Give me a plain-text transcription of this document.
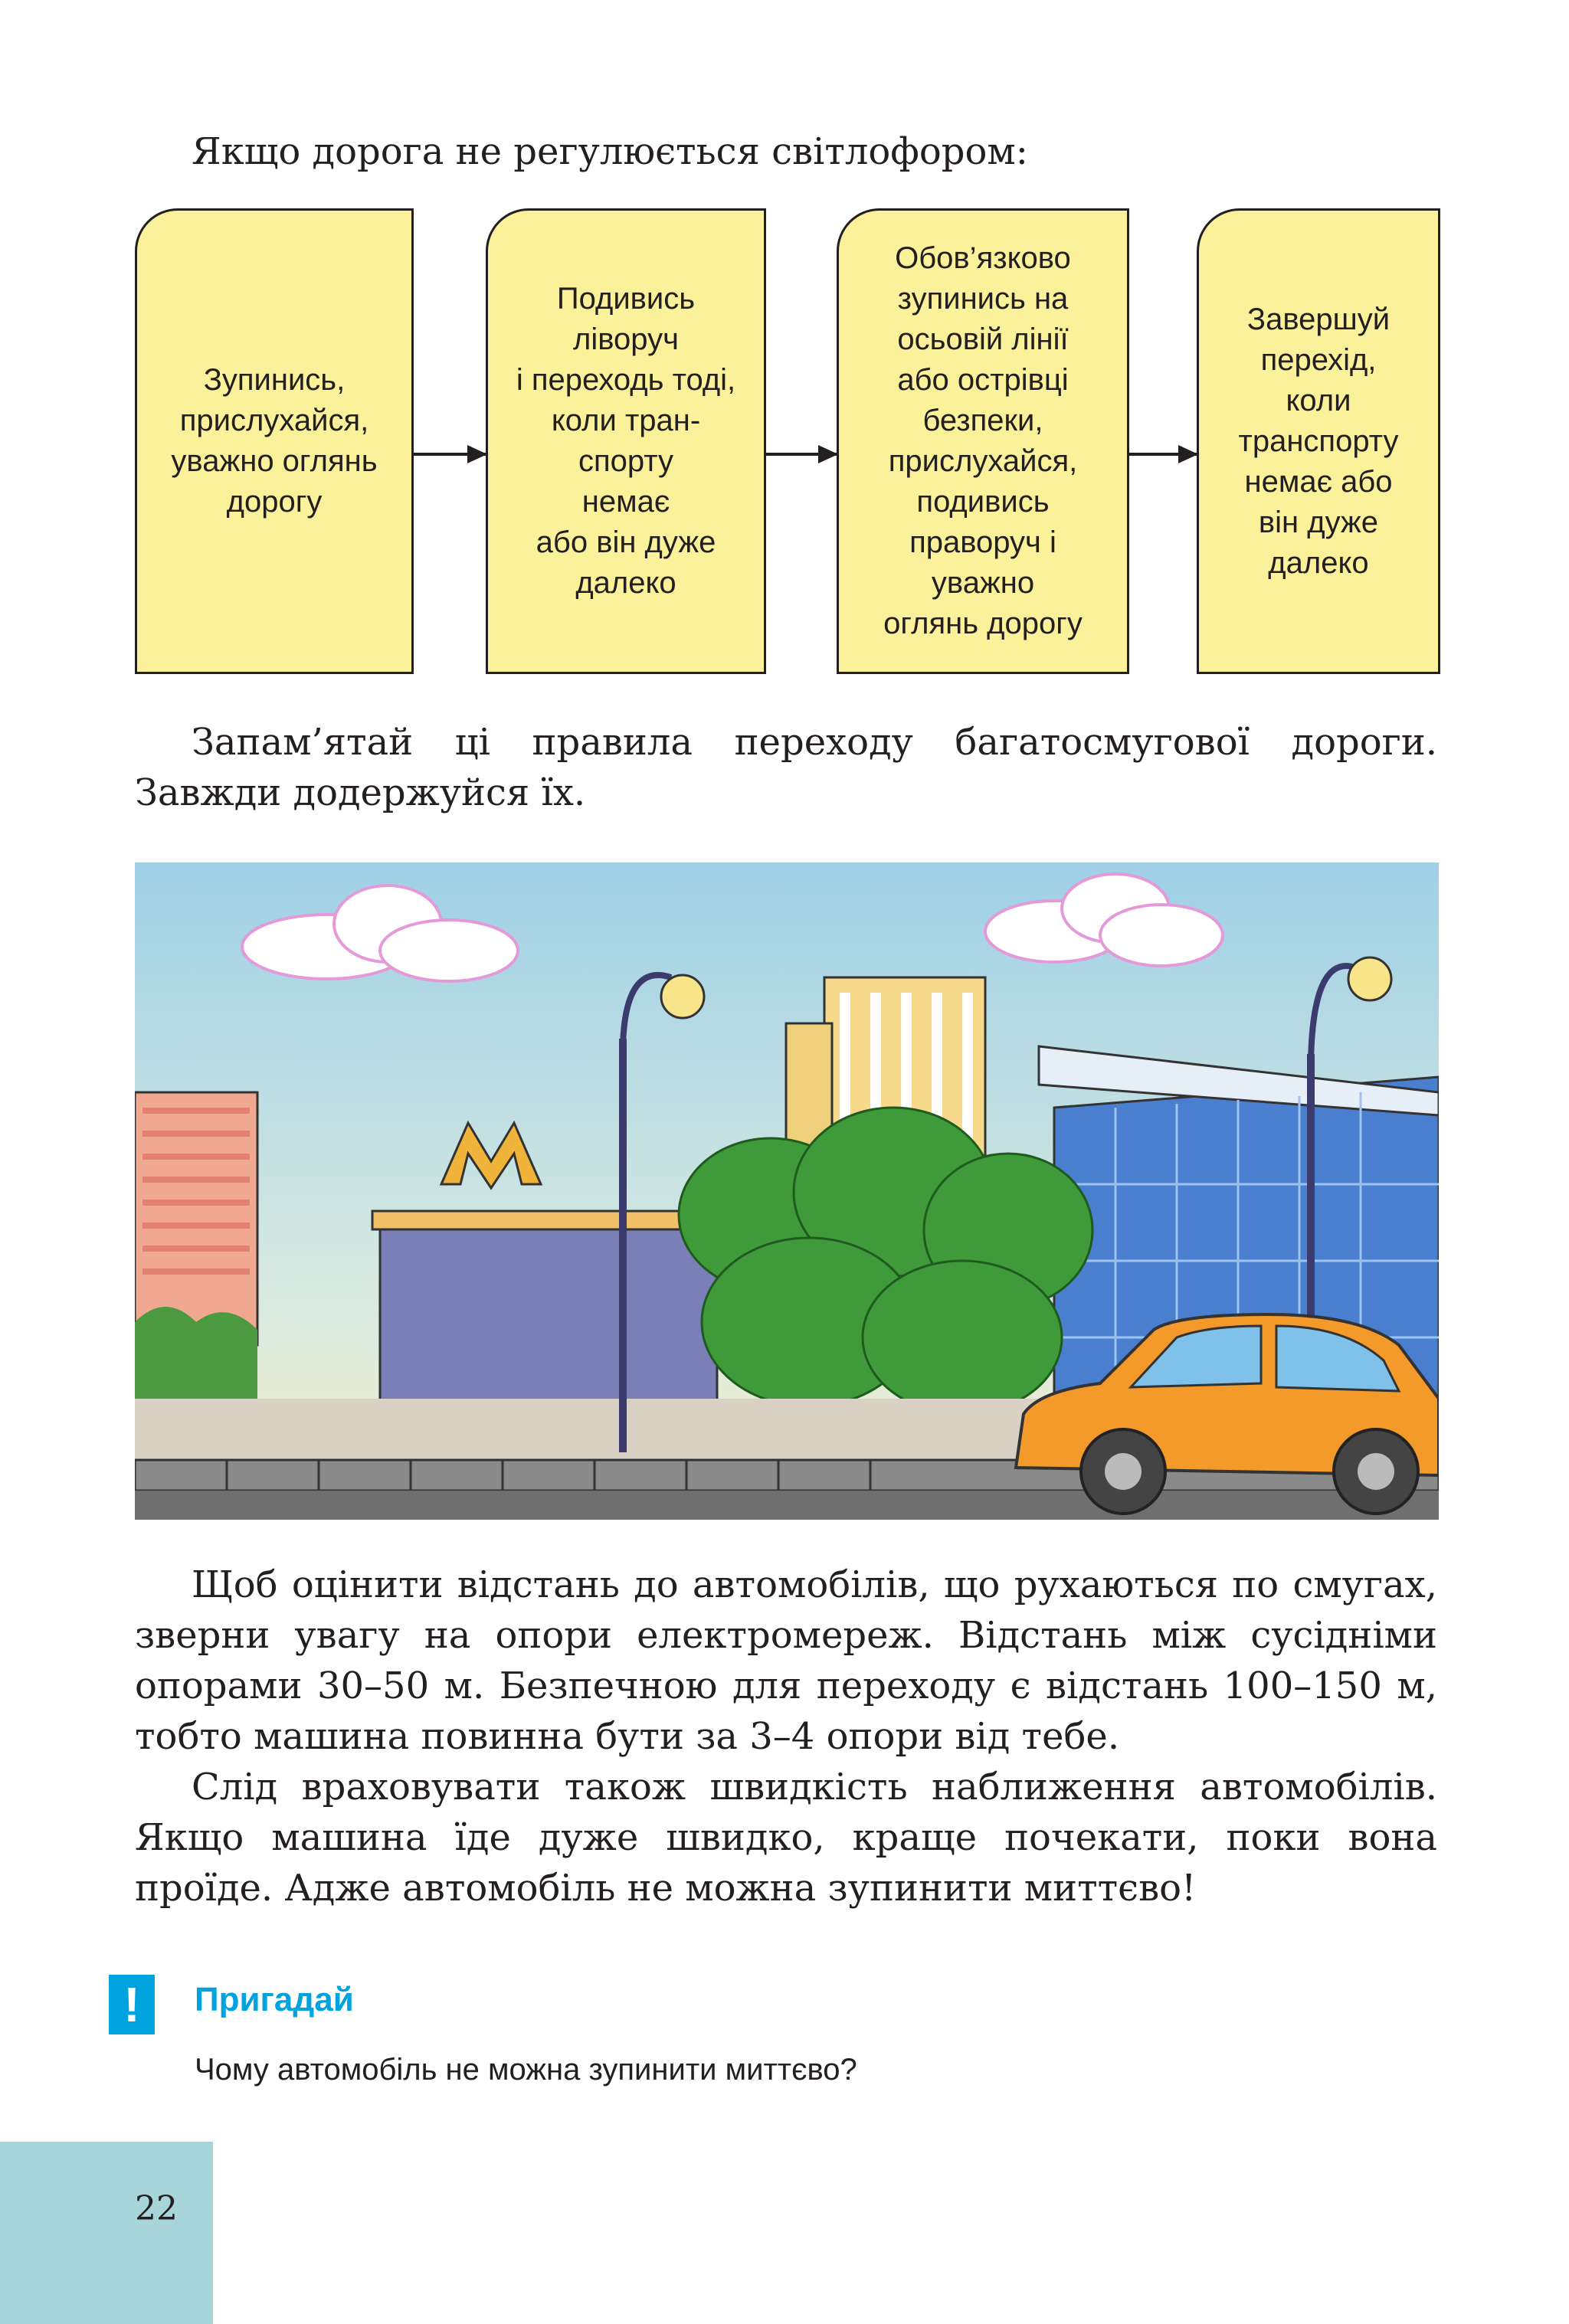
Якщо дорога не регулюється світлофором:

Зупинись,
прислухайся,
уважно оглянь
дорогу
Подивись
ліворуч
і переходь тоді,
коли тран-
спорту
немає
або він дуже
далеко
Обов’язково
зупинись на
осьовій лінії
або острівці
безпеки,
прислухайся,
подивись
праворуч і
уважно
оглянь дорогу
Завершуй
перехід,
коли
транспорту
немає або
він дуже
далеко

Запам’ятай ці правила переходу багатосмугової дороги. Завжди додержуйся їх.

Щоб оцінити відстань до автомобілів, що рухаються по смугах, зверни увагу на опори електромереж. Відстань між сусідніми опорами 30–50 м. Безпечною для переходу є відстань 100–150 м, тобто машина повинна бути за 3–4 опори від тебе.

Слід враховувати також швидкість наближення автомобілів. Якщо машина їде дуже швидко, краще почекати, поки вона проїде. Адже автомобіль не можна зупинити миттєво!

!	Пригадай

Чому автомобіль не можна зупинити миттєво?

22
